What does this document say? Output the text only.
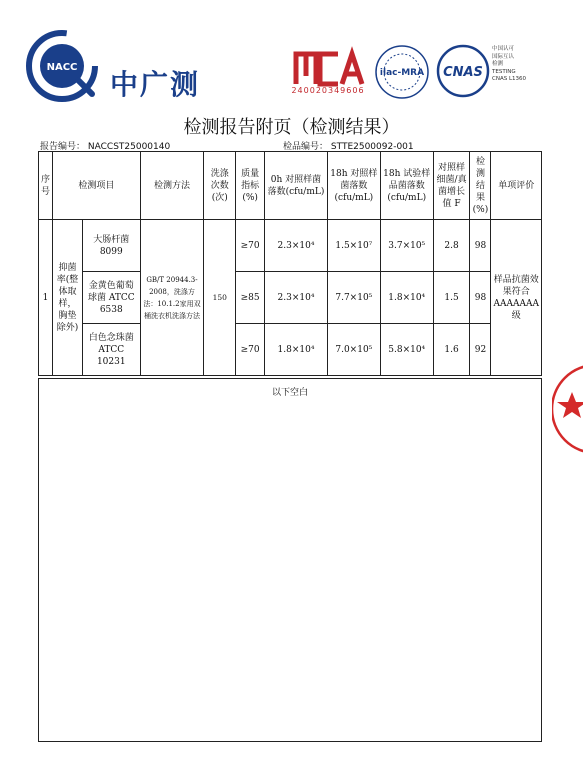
NACC
中广测	240020349606
ilac-MRA CNAS
中国认可
国际互认
检测
TESTING
CNAS L1360
检测报告附页（检测结果）
报告编号： NACCST25000140	检品编号： STTE2500092-001
序号	检测项目		检测方法	洗涤次数(次)	质量指标(%)	0h 对照样菌落数(cfu/mL)	18h 对照样菌落数(cfu/mL)	18h 试验样品菌落数(cfu/mL)	对照样细菌/真菌增长值 F	检测结果(%)	单项评价
1	抑菌率(整体取样，胸垫除外)	大肠杆菌 8099	GB/T 20944.3-2008，洗涤方法：10.1.2家用双桶洗衣机洗涤方法	150	≥70	2.3×10⁴	1.5×10⁷	3.7×10⁵	2.8	98	样品抗菌效果符合AAAAAAA级
		金黄色葡萄球菌 ATCC 6538			≥85	2.3×10⁴	7.7×10⁵	1.8×10⁴	1.5	98	
		白色念珠菌 ATCC 10231			≥70	1.8×10⁴	7.0×10⁵	5.8×10⁴	1.6	92	
以下空白
